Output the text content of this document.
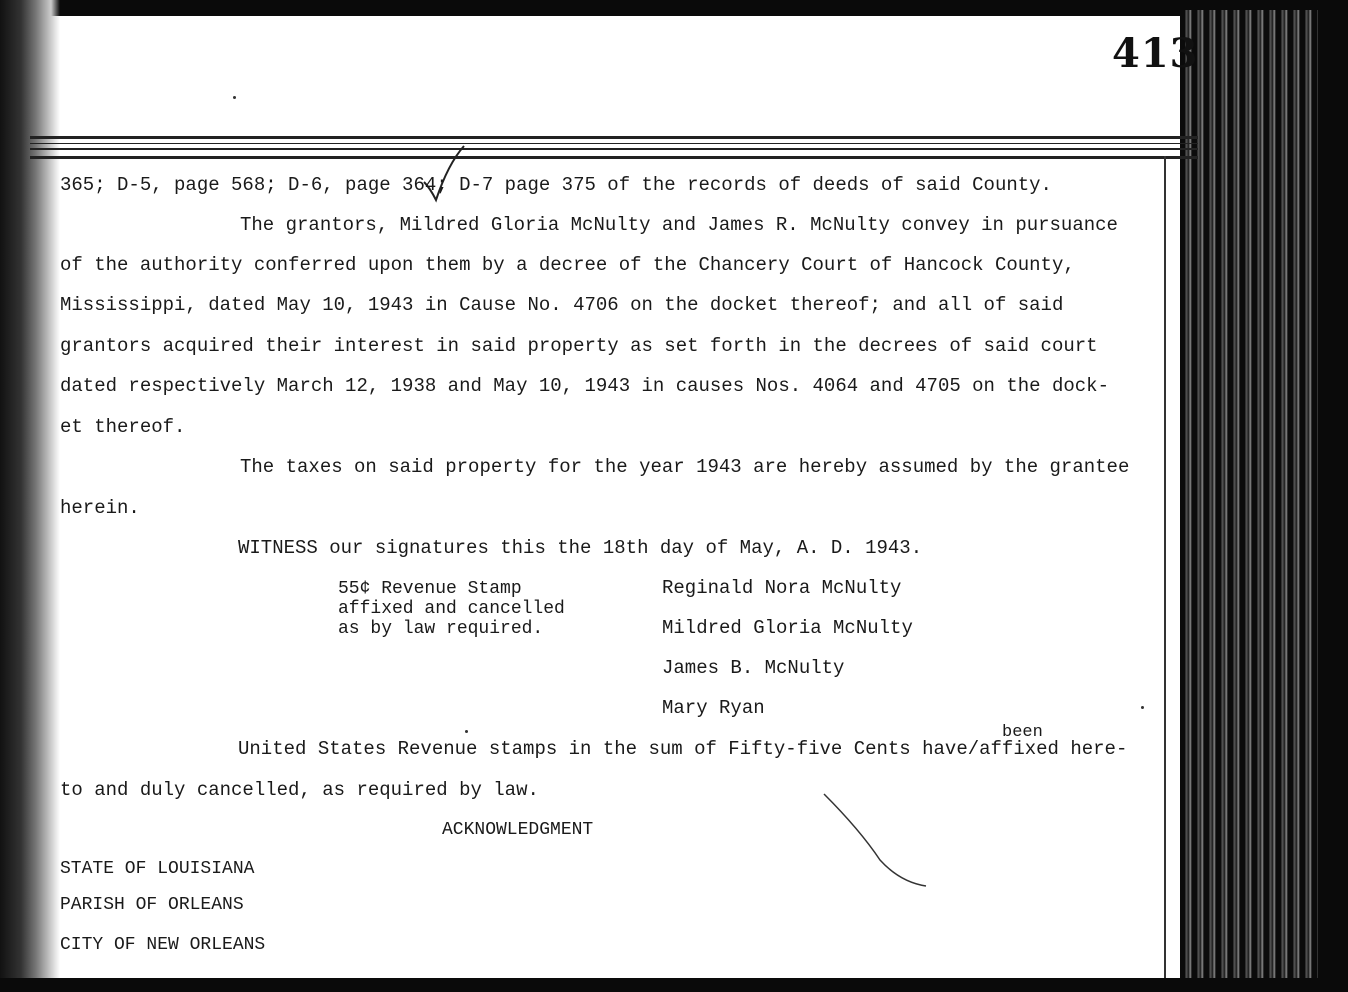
413
365; D-5, page 568; D-6, page 364; D-7 page 375 of the records of deeds of said County.
The grantors, Mildred Gloria McNulty and James R. McNulty convey in pursuance
of the authority conferred upon them by a decree of the Chancery Court of Hancock County,
Mississippi, dated May 10, 1943 in Cause No. 4706 on the docket thereof; and all of said
grantors acquired their interest in said property as set forth in the decrees of said court
dated respectively March 12, 1938 and May 10, 1943 in causes Nos. 4064 and 4705 on the dock-
et thereof.
The taxes on said property for the year 1943 are hereby assumed by the grantee
herein.
WITNESS our signatures this the 18th day of May, A. D. 1943.
55¢ Revenue Stamp
affixed and cancelled
as by law required.
Reginald Nora McNulty
Mildred Gloria McNulty
James B. McNulty
Mary Ryan
been
United States Revenue stamps in the sum of Fifty-five Cents have/affixed here-
to and duly cancelled, as required by law.
ACKNOWLEDGMENT
STATE OF LOUISIANA
PARISH OF ORLEANS
CITY OF NEW ORLEANS
